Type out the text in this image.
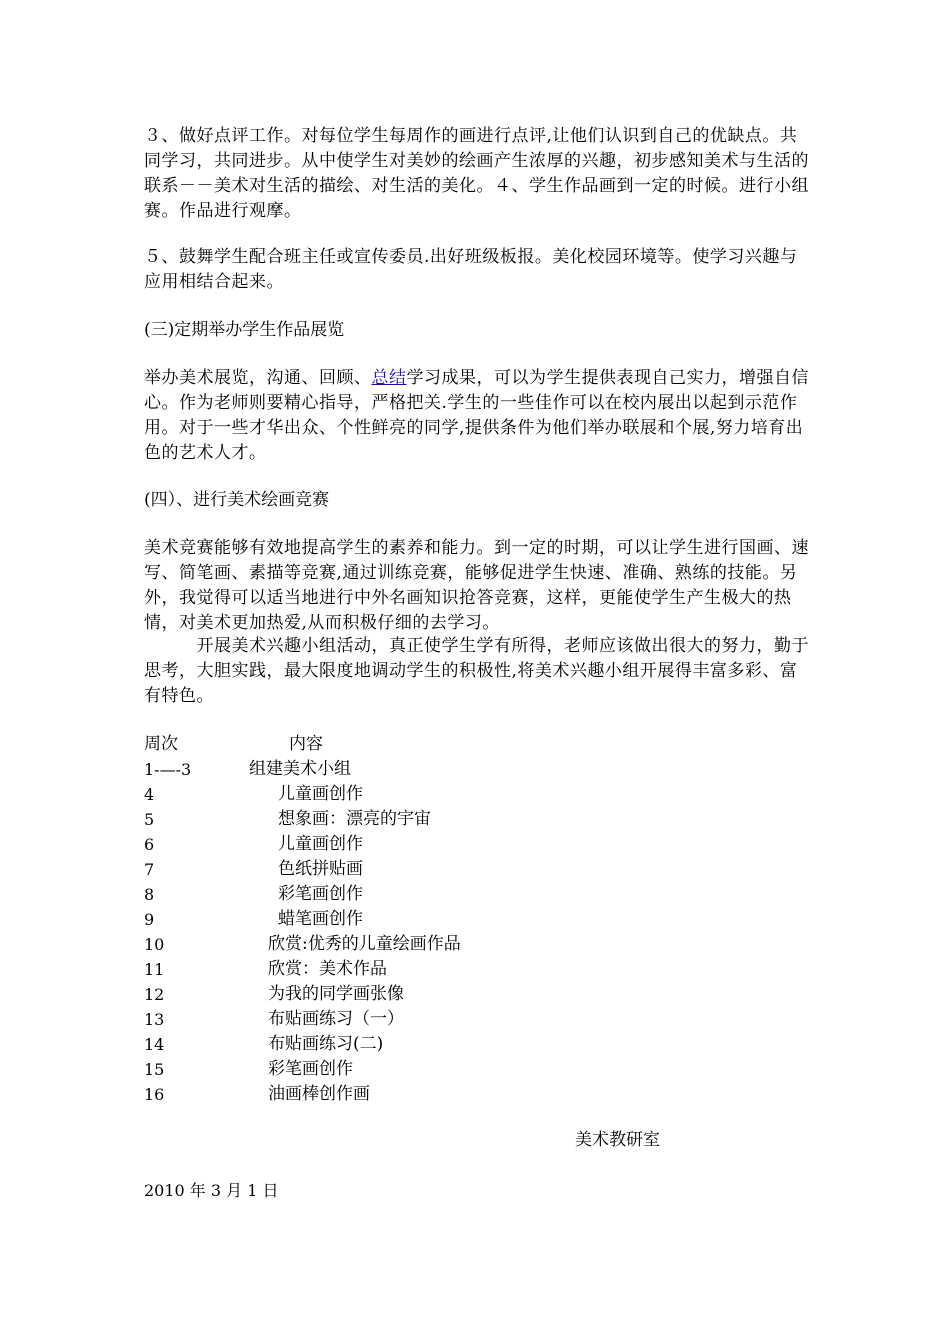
３、做好点评工作。对每位学生每周作的画进行点评,让他们认识到自己的优缺点。共同学习，共同进步。从中使学生对美妙的绘画产生浓厚的兴趣，初步感知美术与生活的联系－－美术对生活的描绘、对生活的美化。４、学生作品画到一定的时候。进行小组赛。作品进行观摩。

５、鼓舞学生配合班主任或宣传委员.出好班级板报。美化校园环境等。使学习兴趣与应用相结合起来。

(三)定期举办学生作品展览

举办美术展览，沟通、回顾、总结学习成果，可以为学生提供表现自己实力，增强自信心。作为老师则要精心指导，严格把关.学生的一些佳作可以在校内展出以起到示范作用。对于一些才华出众、个性鲜亮的同学,提供条件为他们举办联展和个展,努力培育出色的艺术人才。

(四）、进行美术绘画竞赛

美术竞赛能够有效地提高学生的素养和能力。到一定的时期，可以让学生进行国画、速写、简笔画、素描等竞赛,通过训练竞赛，能够促进学生快速、准确、熟练的技能。另外，我觉得可以适当地进行中外名画知识抢答竞赛，这样，更能使学生产生极大的热情，对美术更加热爱,从而积极仔细的去学习。

　　　开展美术兴趣小组活动，真正使学生学有所得，老师应该做出很大的努力，勤于思考，大胆实践，最大限度地调动学生的积极性,将美术兴趣小组开展得丰富多彩、富有特色。

周次	内容
1-—-3	组建美术小组
4	儿童画创作
5	想象画：漂亮的宇宙
6	儿童画创作
7	色纸拼贴画
8	彩笔画创作
9	蜡笔画创作
10	欣赏:优秀的儿童绘画作品
11	欣赏：美术作品
12	为我的同学画张像
13	布贴画练习（一）
14	布贴画练习(二)
15	彩笔画创作
16	油画棒创作画
美术教研室
2010 年 3 月 1 日
